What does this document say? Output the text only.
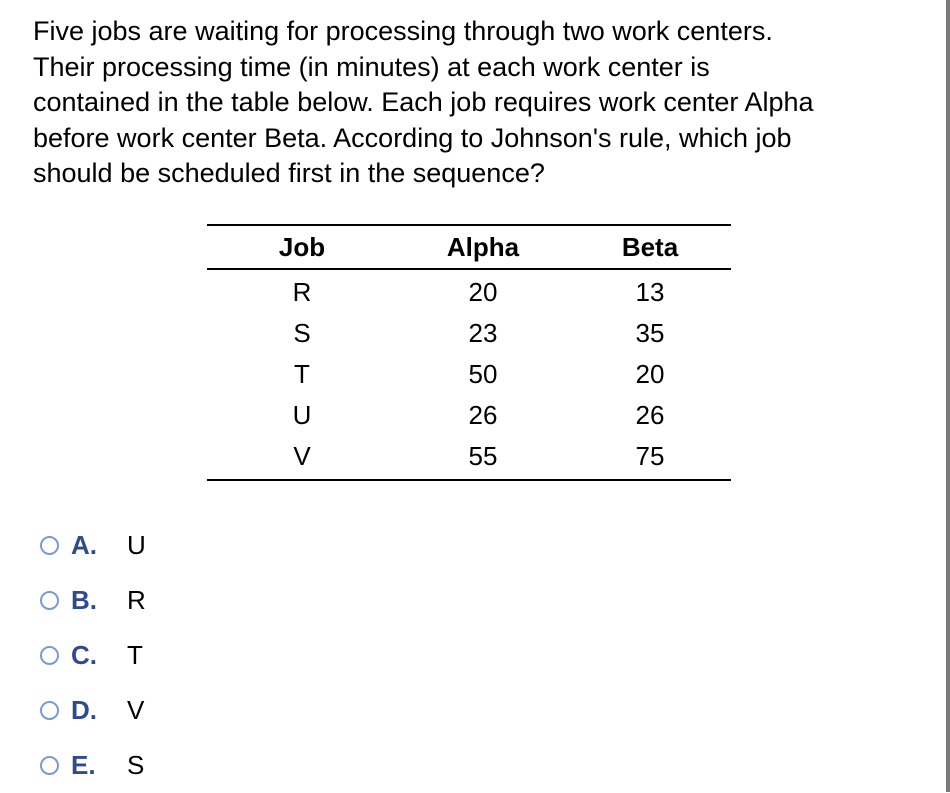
Five jobs are waiting for processing through two work centers.
Their processing time (in minutes) at each work center is
contained in the table below. Each job requires work center Alpha
before work center Beta. According to Johnson's rule, which job
should be scheduled first in the sequence?
Job	Alpha	Beta
R	20	13
S	23	35
T	50	20
U	26	26
V	55	75
A.	U
B.	R
C.	T
D.	V
E.	S
